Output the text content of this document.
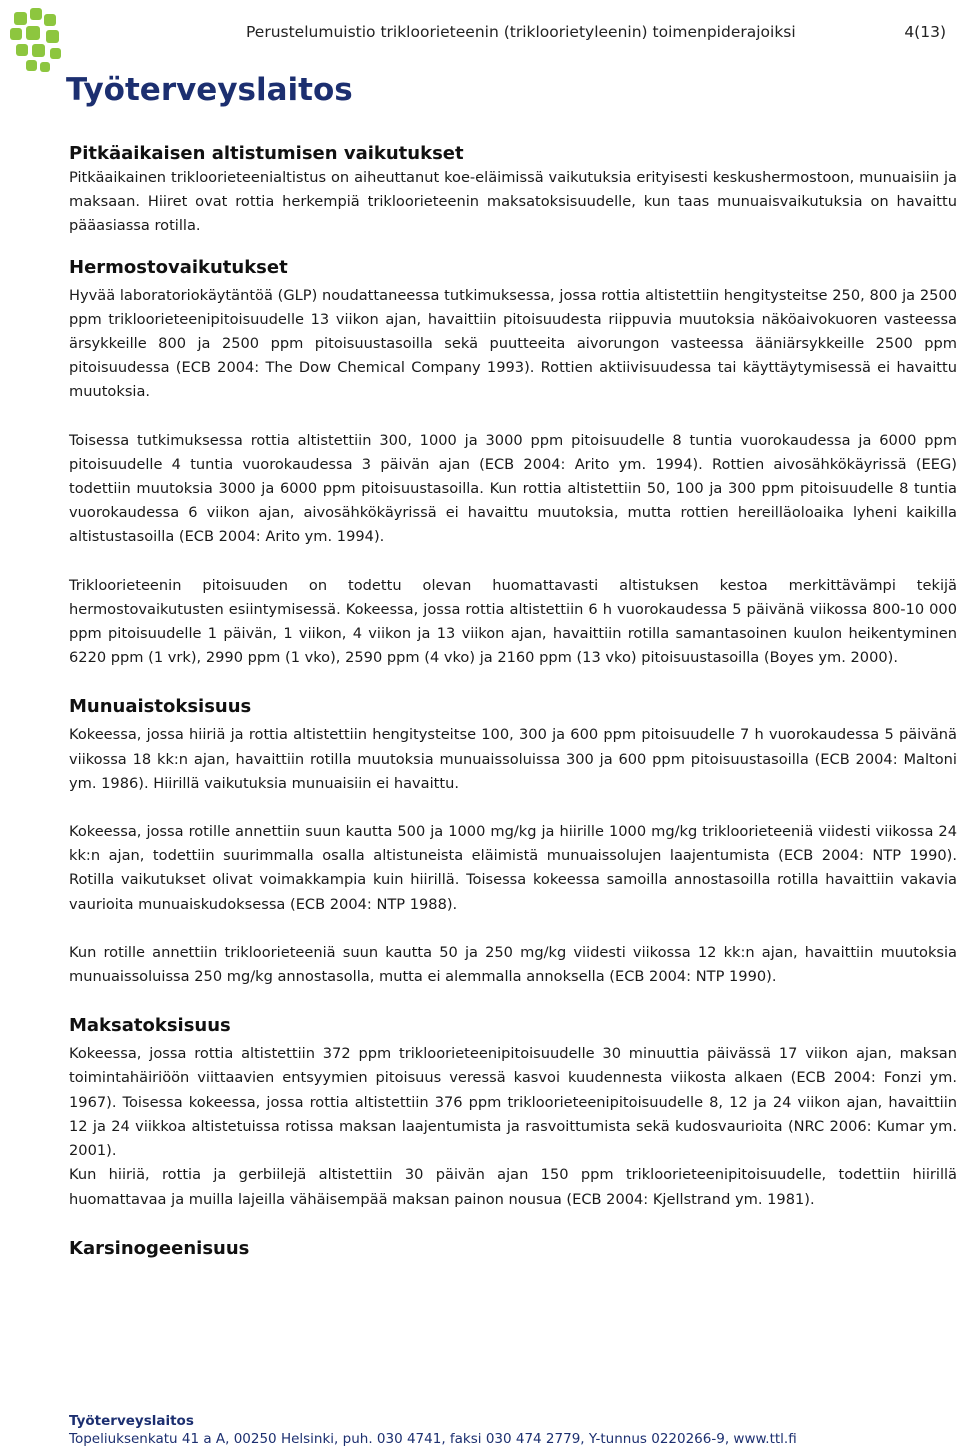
Työterveyslaitos
Perustelumuistio trikloorieteenin (trikloorietyleenin) toimenpiderajoiksi	4(13)
Pitkäaikaisen altistumisen vaikutukset

Pitkäaikainen trikloorieteenialtistus on aiheuttanut koe-eläimissä vaikutuksia erityisesti keskushermostoon, munuaisiin ja maksaan. Hiiret ovat rottia herkempiä trikloorieteenin maksatoksisuudelle, kun taas munuaisvaikutuksia on havaittu pääasiassa rotilla.

Hermostovaikutukset

Hyvää laboratoriokäytäntöä (GLP) noudattaneessa tutkimuksessa, jossa rottia altistettiin hengitysteitse 250, 800 ja 2500 ppm trikloorieteenipitoisuudelle 13 viikon ajan, havaittiin pitoisuudesta riippuvia muutoksia näköaivokuoren vasteessa ärsykkeille 800 ja 2500 ppm pitoisuustasoilla sekä puutteeita aivorungon vasteessa ääniärsykkeille 2500 ppm pitoisuudessa (ECB 2004: The Dow Chemical Company 1993). Rottien aktiivisuudessa tai käyttäytymisessä ei havaittu muutoksia.

Toisessa tutkimuksessa rottia altistettiin 300, 1000 ja 3000 ppm pitoisuudelle 8 tuntia vuorokaudessa ja 6000 ppm pitoisuudelle 4 tuntia vuorokaudessa 3 päivän ajan (ECB 2004: Arito ym. 1994). Rottien aivosähkökäyrissä (EEG) todettiin muutoksia 3000 ja 6000 ppm pitoisuustasoilla. Kun rottia altistettiin 50, 100 ja 300 ppm pitoisuudelle 8 tuntia vuorokaudessa 6 viikon ajan, aivosähkökäyrissä ei havaittu muutoksia, mutta rottien hereilläoloaika lyheni kaikilla altistustasoilla (ECB 2004: Arito ym. 1994).

Trikloorieteenin pitoisuuden on todettu olevan huomattavasti altistuksen kestoa merkittävämpi tekijä hermostovaikutusten esiintymisessä. Kokeessa, jossa rottia altistettiin 6 h vuorokaudessa 5 päivänä viikossa 800-10 000 ppm pitoisuudelle 1 päivän, 1 viikon, 4 viikon ja 13 viikon ajan, havaittiin rotilla samantasoinen kuulon heikentyminen 6220 ppm (1 vrk), 2990 ppm (1 vko), 2590 ppm (4 vko) ja 2160 ppm (13 vko) pitoisuustasoilla (Boyes ym. 2000).

Munuaistoksisuus

Kokeessa, jossa hiiriä ja rottia altistettiin hengitysteitse 100, 300 ja 600 ppm pitoisuudelle 7 h vuorokaudessa 5 päivänä viikossa 18 kk:n ajan, havaittiin rotilla muutoksia munuaissoluissa 300 ja 600 ppm pitoisuustasoilla (ECB 2004: Maltoni ym. 1986). Hiirillä vaikutuksia munuaisiin ei havaittu.

Kokeessa, jossa rotille annettiin suun kautta 500 ja 1000 mg/kg ja hiirille 1000 mg/kg trikloorieteeniä viidesti viikossa 24 kk:n ajan, todettiin suurimmalla osalla altistuneista eläimistä munuaissolujen laajentumista (ECB 2004: NTP 1990). Rotilla vaikutukset olivat voimakkampia kuin hiirillä. Toisessa kokeessa samoilla annostasoilla rotilla havaittiin vakavia vaurioita munuaiskudoksessa (ECB 2004: NTP 1988).

Kun rotille annettiin trikloorieteeniä suun kautta 50 ja 250 mg/kg viidesti viikossa 12 kk:n ajan, havaittiin muutoksia munuaissoluissa 250 mg/kg annostasolla, mutta ei alemmalla annoksella (ECB 2004: NTP 1990).

Maksatoksisuus

Kokeessa, jossa rottia altistettiin 372 ppm trikloorieteenipitoisuudelle 30 minuuttia päivässä 17 viikon ajan, maksan toimintahäiriöön viittaavien entsyymien pitoisuus veressä kasvoi kuudennesta viikosta alkaen (ECB 2004: Fonzi ym. 1967). Toisessa kokeessa, jossa rottia altistettiin 376 ppm trikloorieteenipitoisuudelle 8, 12 ja 24 viikon ajan, havaittiin 12 ja 24 viikkoa altistetuissa rotissa maksan laajentumista ja rasvoittumista sekä kudosvaurioita (NRC 2006: Kumar ym. 2001).

Kun hiiriä, rottia ja gerbiilejä altistettiin 30 päivän ajan 150 ppm trikloorieteenipitoisuudelle, todettiin hiirillä huomattavaa ja muilla lajeilla vähäisempää maksan painon nousua (ECB 2004: Kjellstrand ym. 1981).

Karsinogeenisuus
Työterveyslaitos
Topeliuksenkatu 41 a A, 00250 Helsinki, puh. 030 4741, faksi 030 474 2779, Y-tunnus 0220266-9, www.ttl.fi
